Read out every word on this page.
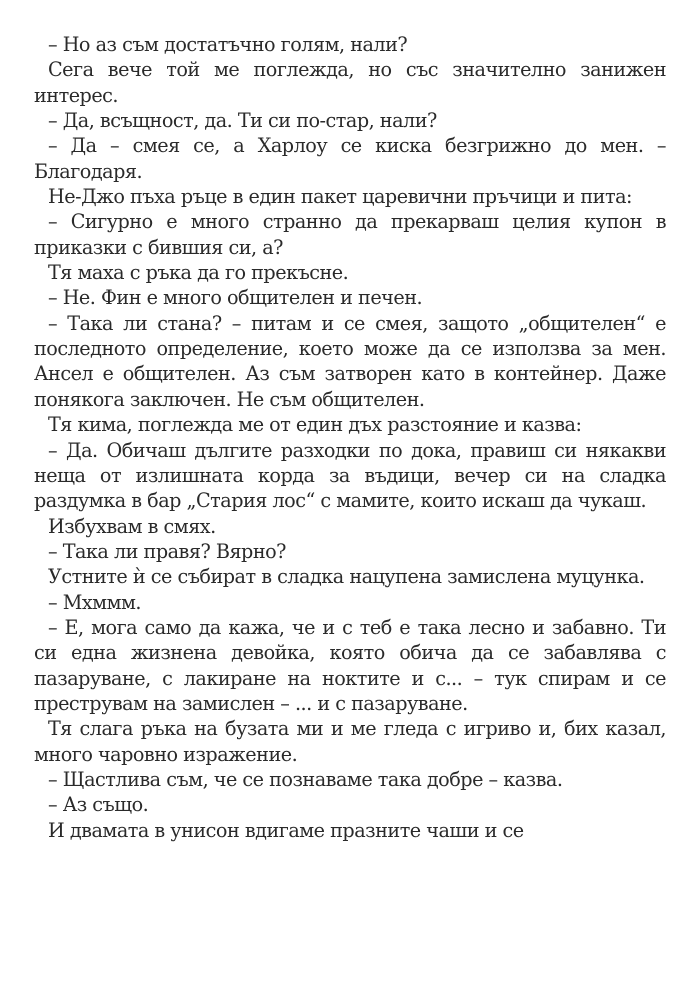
– Но аз съм достатъчно голям, нали?

Сега вече той ме поглежда, но със значително занижен интерес.

– Да, всъщност, да. Ти си по-стар, нали?

– Да – смея се, а Харлоу се киска безгрижно до мен. – Благодаря.

Не-Джо пъха ръце в един пакет царевични пръчици и пита:

– Сигурно е много странно да прекарваш целия купон в приказки с бившия си, а?

Тя маха с ръка да го прекъсне.

– Не. Фин е много общителен и печен.

– Така ли стана? – питам и се смея, защото „общителен“ е последното определение, което може да се използва за мен. Ансел е общителен. Аз съм затворен като в контейнер. Даже понякога заключен. Не съм общителен.

Тя кима, поглежда ме от един дъх разстояние и казва:

– Да. Обичаш дългите разходки по дока, правиш си някакви неща от излишната корда за въдици, вечер си на сладка раздумка в бар „Стария лос“ с мамите, които искаш да чукаш.

Избухвам в смях.

– Така ли правя? Вярно?

Устните ѝ се събират в сладка нацупена замислена муцунка.

– Мхммм.

– Е, мога само да кажа, че и с теб е така лесно и забавно. Ти си една жизнена девойка, която обича да се забавлява с пазаруване, с лакиране на ноктите и с... – тук спирам и се преструвам на замислен – ... и с пазаруване.

Тя слага ръка на бузата ми и ме гледа с игриво и, бих казал, много чаровно изражение.

– Щастлива съм, че се познаваме така добре – казва.

– Аз също.

И двамата в унисон вдигаме празните чаши и се
